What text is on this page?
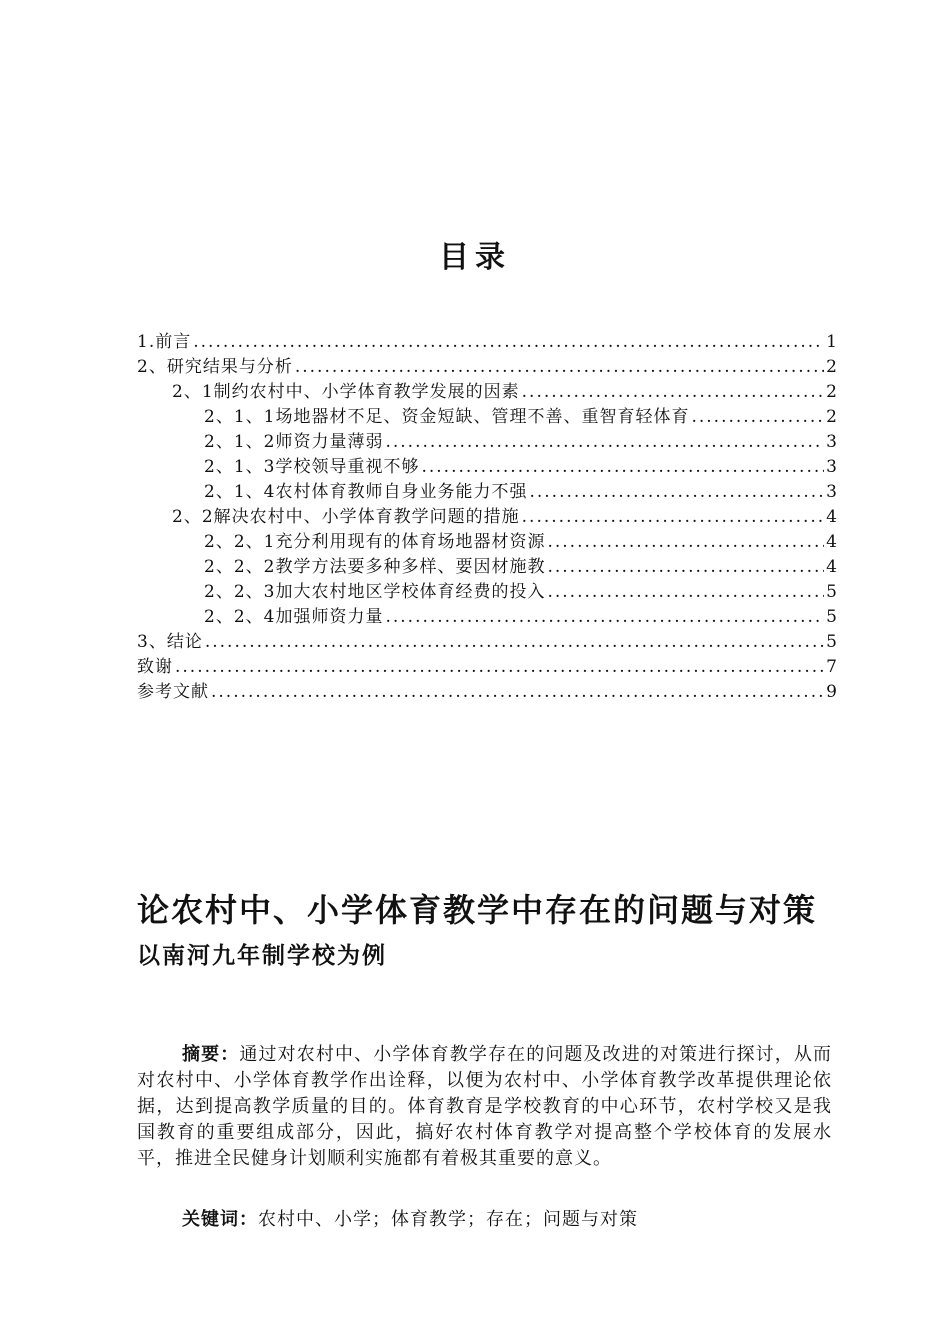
目录
1.前言 .....	1
2、研究结果与分析 .....	2
2、1制约农村中、小学体育教学发展的因素 .....	2
2、1、1场地器材不足、资金短缺、管理不善、重智育轻体育 .....	2
2、1、2师资力量薄弱 .....	3
2、1、3学校领导重视不够 .....	3
2、1、4农村体育教师自身业务能力不强 .....	3
2、2解决农村中、小学体育教学问题的措施 .....	4
2、2、1充分利用现有的体育场地器材资源 .....	4
2、2、2教学方法要多种多样、要因材施教 .....	4
2、2、3加大农村地区学校体育经费的投入 .....	5
2、2、4加强师资力量 .....	5
3、结论 .....	5
致谢 .....	7
参考文献 .....	9
论农村中、小学体育教学中存在的问题与对策
以南河九年制学校为例
摘要：通过对农村中、小学体育教学存在的问题及改进的对策进行探讨，从而对农村中、小学体育教学作出诠释，以便为农村中、小学体育教学改革提供理论依据，达到提高教学质量的目的。体育教育是学校教育的中心环节，农村学校又是我国教育的重要组成部分，因此，搞好农村体育教学对提高整个学校体育的发展水平，推进全民健身计划顺利实施都有着极其重要的意义。
关键词：农村中、小学；体育教学；存在；问题与对策
